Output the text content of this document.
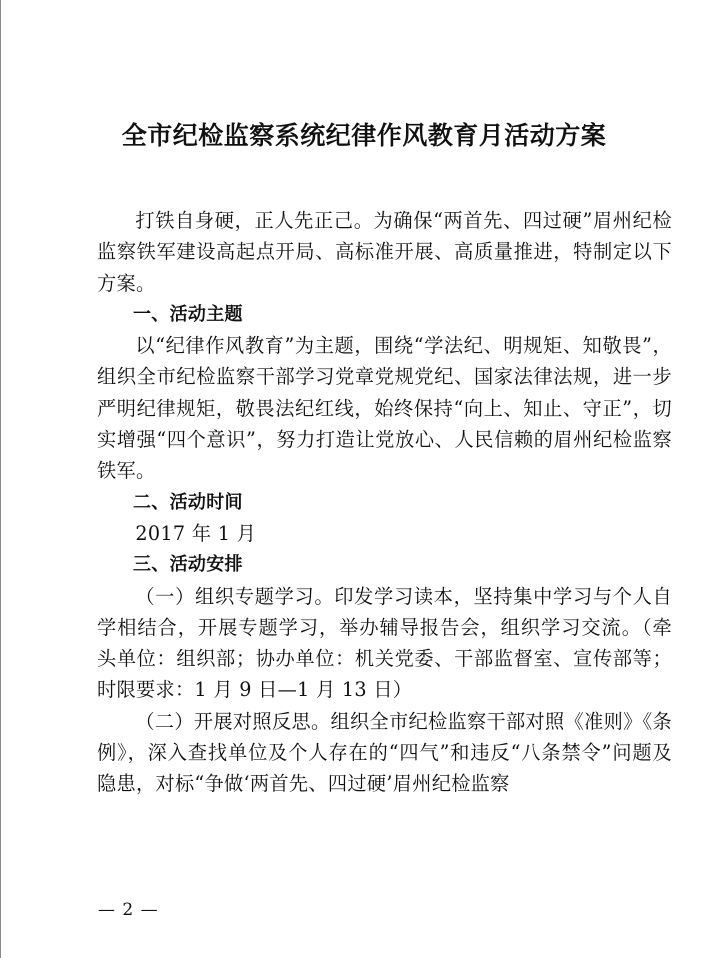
全市纪检监察系统纪律作风教育月活动方案

打铁自身硬，正人先正己。为确保“两首先、四过硬”眉州纪检监察铁军建设高起点开局、高标准开展、高质量推进，特制定以下方案。

一、活动主题

以“纪律作风教育”为主题，围绕“学法纪、明规矩、知敬畏”，组织全市纪检监察干部学习党章党规党纪、国家法律法规，进一步严明纪律规矩，敬畏法纪红线，始终保持“向上、知止、守正”，切实增强“四个意识”，努力打造让党放心、人民信赖的眉州纪检监察铁军。

二、活动时间

2017 年 1 月

三、活动安排

（一）组织专题学习。印发学习读本，坚持集中学习与个人自学相结合，开展专题学习，举办辅导报告会，组织学习交流。（牵头单位：组织部；协办单位：机关党委、干部监督室、宣传部等；时限要求：1 月 9 日—1 月 13 日）

（二）开展对照反思。组织全市纪检监察干部对照《准则》《条例》，深入查找单位及个人存在的“四气”和违反“八条禁令”问题及隐患，对标“争做‘两首先、四过硬’眉州纪检监察

— 2 —
